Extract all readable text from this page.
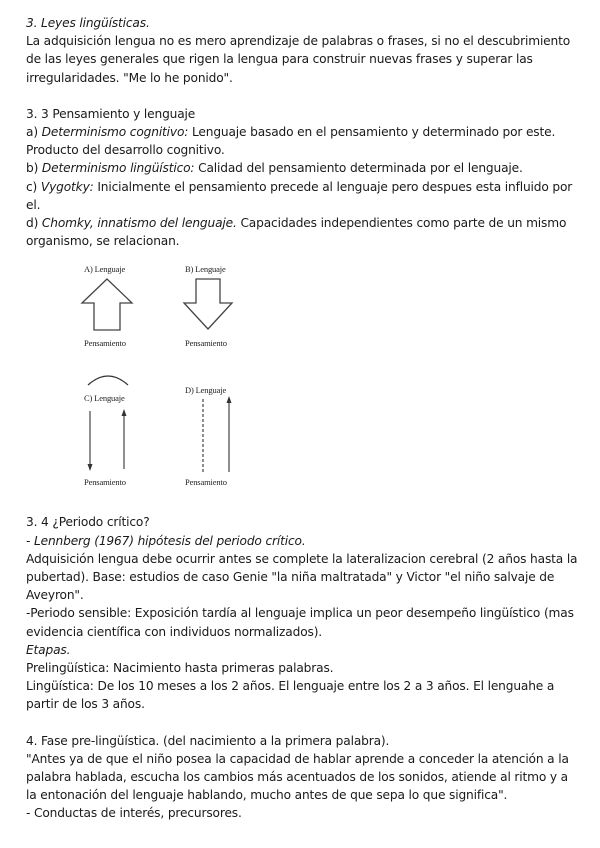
3. Leyes lingüísticas.

La adquisición lengua no es mero aprendizaje de palabras o frases, si no el descubrimiento de las leyes generales que rigen la lengua para construir nuevas frases y superar las irregularidades. "Me lo he ponido".

3. 3 Pensamiento y lenguaje

a) Determinismo cognitivo: Lenguaje basado en el pensamiento y determinado por este. Producto del desarrollo cognitivo.

b) Determinismo lingüístico: Calidad del pensamiento determinada por el lenguaje.

c) Vygotky: Inicialmente el pensamiento precede al lenguaje pero despues esta influido por el.

d) Chomky, innatismo del lenguaje. Capacidades independientes como parte de un mismo organismo, se relacionan.

A) Lenguaje	B) Lenguaje
Pensamiento	Pensamiento
C) Lenguaje
D) Lenguaje
Pensamiento	Pensamiento

3. 4 ¿Periodo crítico?

- Lennberg (1967) hipótesis del periodo crítico.

Adquisición lengua debe ocurrir antes se complete la lateralizacion cerebral (2 años hasta la pubertad). Base: estudios de caso Genie "la niña maltratada" y Victor "el niño salvaje de Aveyron".

-Periodo sensible: Exposición tardía al lenguaje implica un peor desempeño lingüístico (mas evidencia científica con individuos normalizados).

Etapas.

Prelingüística: Nacimiento hasta primeras palabras.

Lingüística: De los 10 meses a los 2 años. El lenguaje entre los 2 a 3 años. El lenguahe a partir de los 3 años.

4. Fase pre-lingüística. (del nacimiento a la primera palabra).

"Antes ya de que el niño posea la capacidad de hablar aprende a conceder la atención a la palabra hablada, escucha los cambios más acentuados de los sonidos, atiende al ritmo y a la entonación del lenguaje hablando, mucho antes de que sepa lo que significa".

- Conductas de interés, precursores.
